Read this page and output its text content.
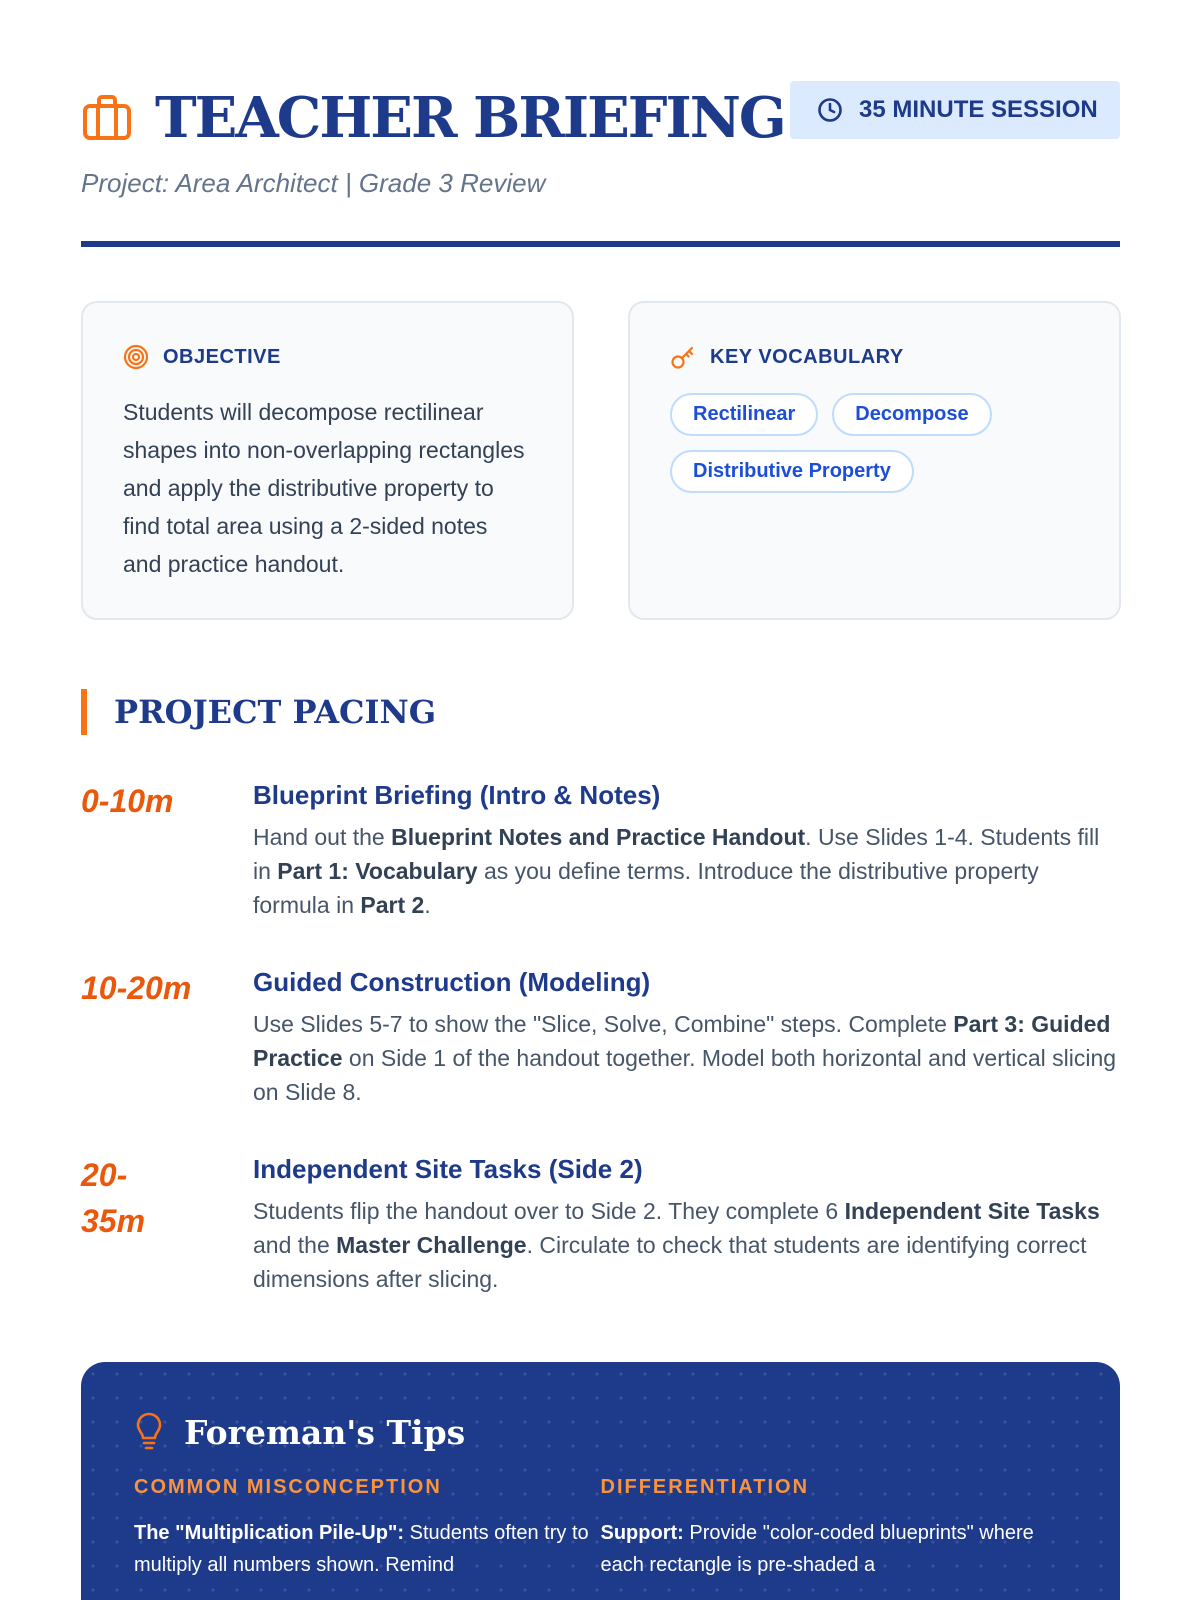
TEACHER BRIEFING	35 MINUTE SESSION
Project: Area Architect | Grade 3 Review
OBJECTIVE

Students will decompose rectilinear shapes into non-overlapping rectangles and apply the distributive property to find total area using a 2-sided notes and practice handout.

KEY VOCABULARY
Rectilinear	Decompose
Distributive Property
PROJECT PACING
0-10m	Blueprint Briefing (Intro & Notes)

Hand out the Blueprint Notes and Practice Handout. Use Slides 1-4. Students fill in Part 1: Vocabulary as you define terms. Introduce the distributive property formula in Part 2.

10-20m	Guided Construction (Modeling)

Use Slides 5-7 to show the "Slice, Solve, Combine" steps. Complete Part 3: Guided Practice on Side 1 of the handout together. Model both horizontal and vertical slicing on Slide 8.

20-35m
Independent Site Tasks (Side 2)

Students flip the handout over to Side 2. They complete 6 Independent Site Tasks and the Master Challenge. Circulate to check that students are identifying correct dimensions after slicing.

Foreman's Tips
COMMON MISCONCEPTION

The "Multiplication Pile-Up": Students often try to multiply all numbers shown. Remind

DIFFERENTIATION

Support: Provide "color-coded blueprints" where each rectangle is pre-shaded a
